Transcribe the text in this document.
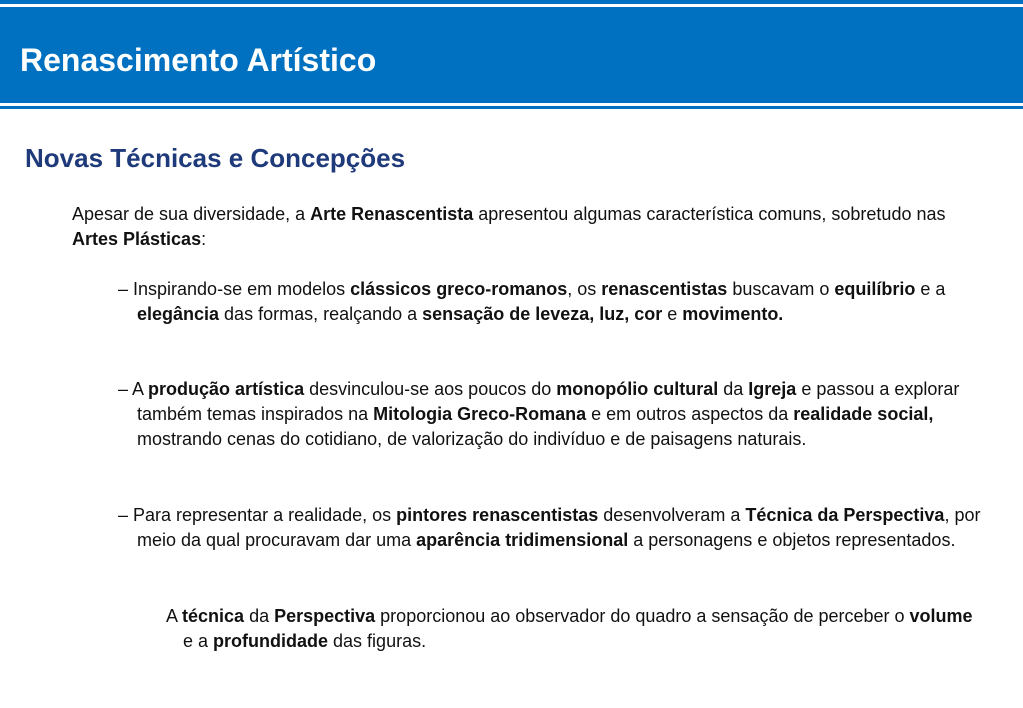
Renascimento Artístico
Novas Técnicas e Concepções

Apesar de sua diversidade, a Arte Renascentista apresentou algumas característica comuns, sobretudo nas Artes Plásticas:

– Inspirando-se em modelos clássicos greco-romanos, os renascentistas buscavam o equilíbrio e a elegância das formas, realçando a sensação de leveza, luz, cor e movimento.

– A produção artística desvinculou-se aos poucos do monopólio cultural da Igreja e passou a explorar também temas inspirados na Mitologia Greco-Romana e em outros aspectos da realidade social, mostrando cenas do cotidiano, de valorização do indivíduo e de paisagens naturais.

– Para representar a realidade, os pintores renascentistas desenvolveram a Técnica da Perspectiva, por meio da qual procuravam dar uma aparência tridimensional a personagens e objetos representados.

A técnica da Perspectiva proporcionou ao observador do quadro a sensação de perceber o volume e a profundidade das figuras.
